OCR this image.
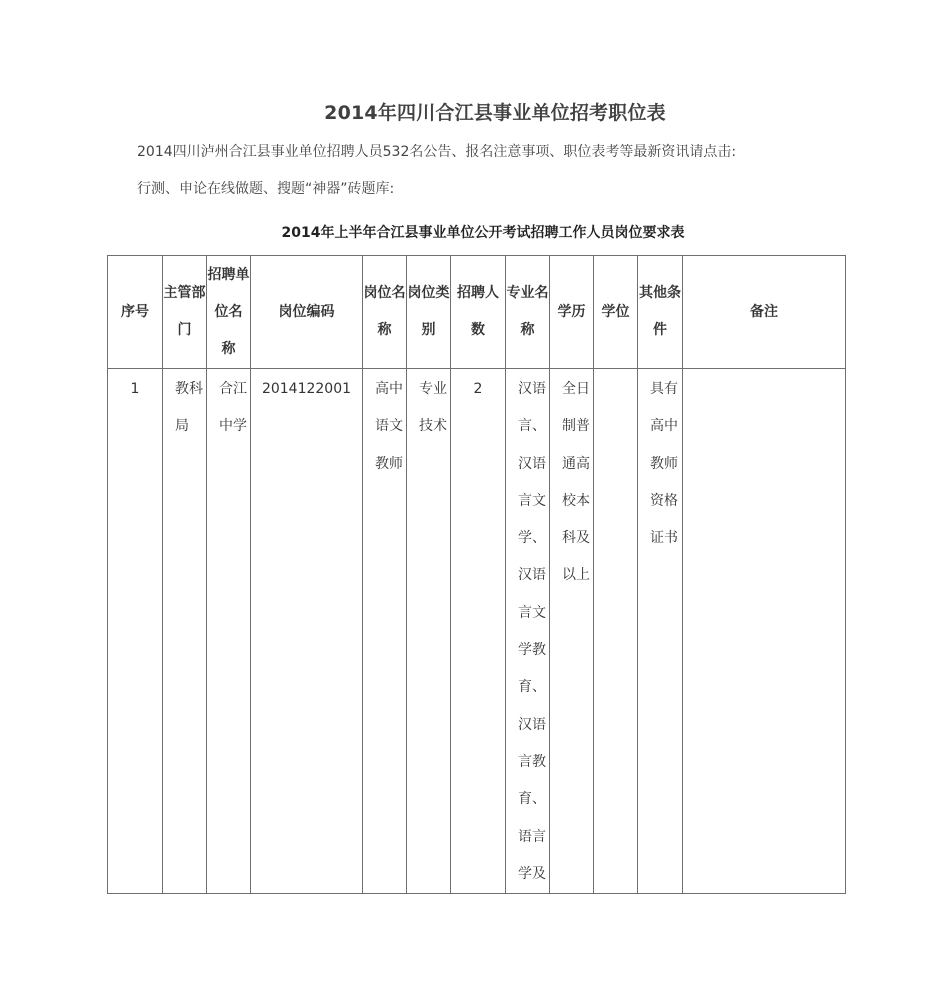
2014年四川合江县事业单位招考职位表
2014四川泸州合江县事业单位招聘人员532名公告、报名注意事项、职位表考等最新资讯请点击:
行测、申论在线做题、搜题“神器”砖题库:
2014年上半年合江县事业单位公开考试招聘工作人员岗位要求表
序号	主管部门	招聘单位名 称	岗位编码	岗位名称	岗位类别	招聘人数	专业名称	学历	学位	其他条件	备注

1	教科局	合江中学	2014122001	高中语文教师	专业技术	2	汉语言、汉语言文学、汉语言文学教育、汉语言教育、语言学及	全日制普通高校本科及以上		具有高中教师资格证书	
